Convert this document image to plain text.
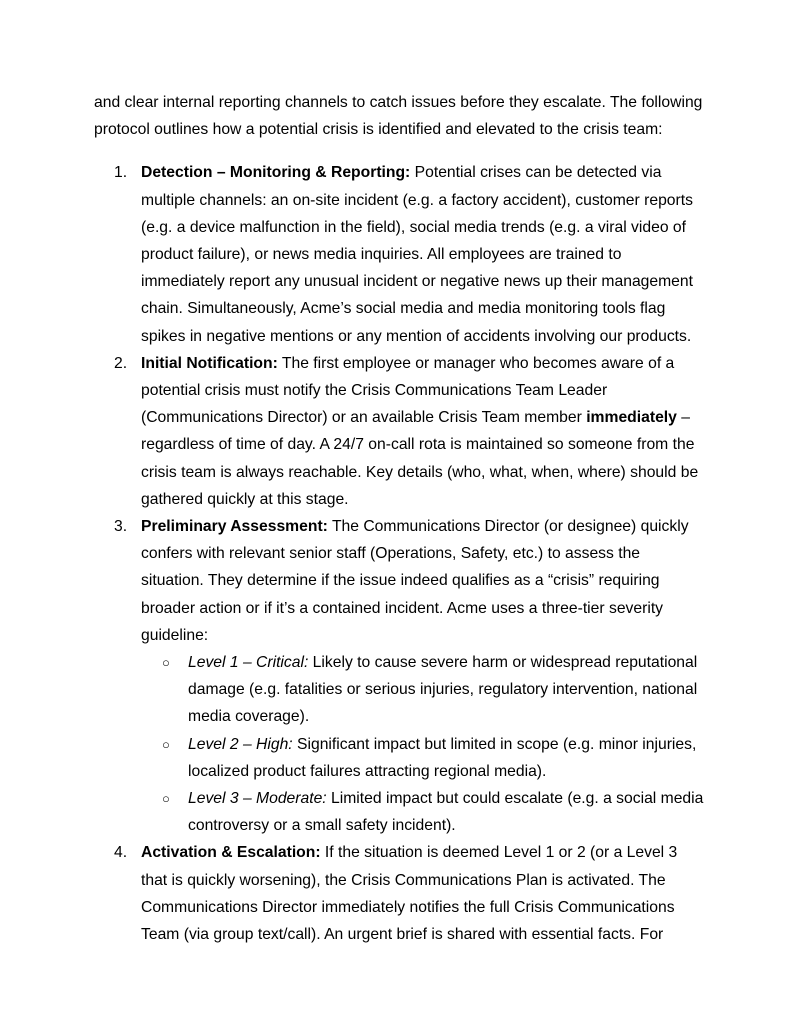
and clear internal reporting channels to catch issues before they escalate. The following protocol outlines how a potential crisis is identified and elevated to the crisis team:

1. Detection – Monitoring & Reporting: Potential crises can be detected via multiple channels: an on-site incident (e.g. a factory accident), customer reports (e.g. a device malfunction in the field), social media trends (e.g. a viral video of product failure), or news media inquiries. All employees are trained to immediately report any unusual incident or negative news up their management chain. Simultaneously, Acme’s social media and media monitoring tools flag spikes in negative mentions or any mention of accidents involving our products.
2. Initial Notification: The first employee or manager who becomes aware of a potential crisis must notify the Crisis Communications Team Leader (Communications Director) or an available Crisis Team member immediately – regardless of time of day. A 24/7 on-call rota is maintained so someone from the crisis team is always reachable. Key details (who, what, when, where) should be gathered quickly at this stage.
3. Preliminary Assessment: The Communications Director (or designee) quickly confers with relevant senior staff (Operations, Safety, etc.) to assess the situation. They determine if the issue indeed qualifies as a “crisis” requiring broader action or if it’s a contained incident. Acme uses a three-tier severity guideline:
○ Level 1 – Critical: Likely to cause severe harm or widespread reputational damage (e.g. fatalities or serious injuries, regulatory intervention, national media coverage).
○ Level 2 – High: Significant impact but limited in scope (e.g. minor injuries, localized product failures attracting regional media).
○ Level 3 – Moderate: Limited impact but could escalate (e.g. a social media controversy or a small safety incident).
4. Activation & Escalation: If the situation is deemed Level 1 or 2 (or a Level 3 that is quickly worsening), the Crisis Communications Plan is activated. The Communications Director immediately notifies the full Crisis Communications Team (via group text/call). An urgent brief is shared with essential facts. For
